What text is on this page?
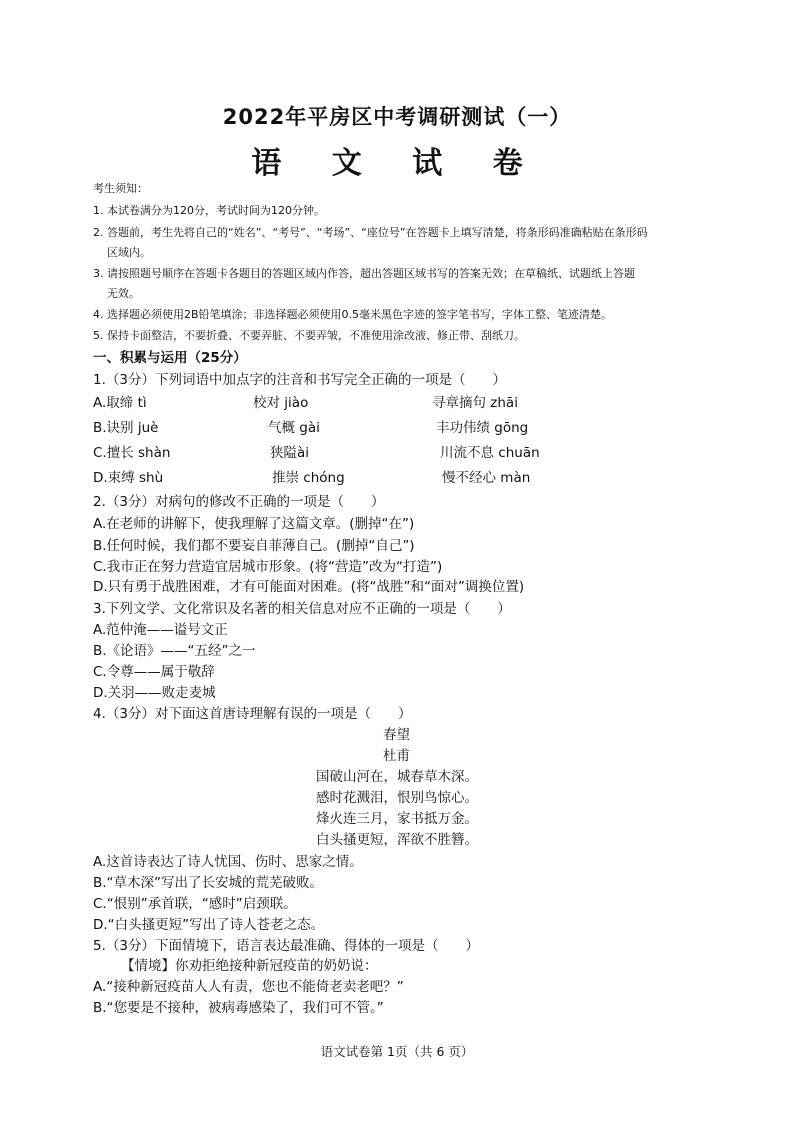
2022年平房区中考调研测试（一）
语 文 试 卷
考生须知：
1. 本试卷满分为120分，考试时间为120分钟。
2. 答题前，考生先将自己的“姓名”、“考号”、“考场”、“座位号”在答题卡上填写清楚，将条形码准确粘贴在条形码
区域内。
3. 请按照题号顺序在答题卡各题目的答题区域内作答，超出答题区域书写的答案无效；在草稿纸、试题纸上答题
无效。
4. 选择题必须使用2B铅笔填涂；非选择题必须使用0.5毫米黑色字迹的签字笔书写，字体工整、笔迹清楚。
5. 保持卡面整洁，不要折叠、不要弄脏、不要弄皱，不准使用涂改液、修正带、刮纸刀。
一、积累与运用（25分）
1.（3分）下列词语中加点字的注音和书写完全正确的一项是（　　）
A.取缔 tì	校对 jiào	寻章摘句 zhāi
B.诀别 juè	气概 gài	丰功伟绩 gōng
C.擅长 shàn	狭隘ài	川流不息 chuān
D.束缚 shù	推崇 chóng	慢不经心 màn
2.（3分）对病句的修改不正确的一项是（　　）
A.在老师的讲解下，使我理解了这篇文章。(删掉“在”)
B.任何时候，我们都不要妄自菲薄自己。(删掉“自己”)
C.我市正在努力营造宜居城市形象。(将“营造”改为“打造”)
D.只有勇于战胜困难，才有可能面对困难。(将“战胜”和“面对”调换位置)
3.下列文学、文化常识及名著的相关信息对应不正确的一项是（　　）
A.范仲淹——谥号文正
B.《论语》——“五经”之一
C.令尊——属于敬辞
D.关羽——败走麦城
4.（3分）对下面这首唐诗理解有误的一项是（　　）
春望
杜甫
国破山河在，城春草木深。
感时花溅泪，恨别鸟惊心。
烽火连三月，家书抵万金。
白头搔更短，浑欲不胜簪。
A.这首诗表达了诗人忧国、伤时、思家之情。
B.“草木深”写出了长安城的荒芜破败。
C.“恨别”承首联，“感时”启颈联。
D.“白头搔更短”写出了诗人苍老之态。
5.（3分）下面情境下，语言表达最准确、得体的一项是（　　）
【情境】你劝拒绝接种新冠疫苗的奶奶说：
A.“接种新冠疫苗人人有责，您也不能倚老卖老吧？”
B.“您要是不接种，被病毒感染了，我们可不管。”
语文试卷第 1页（共 6 页）
